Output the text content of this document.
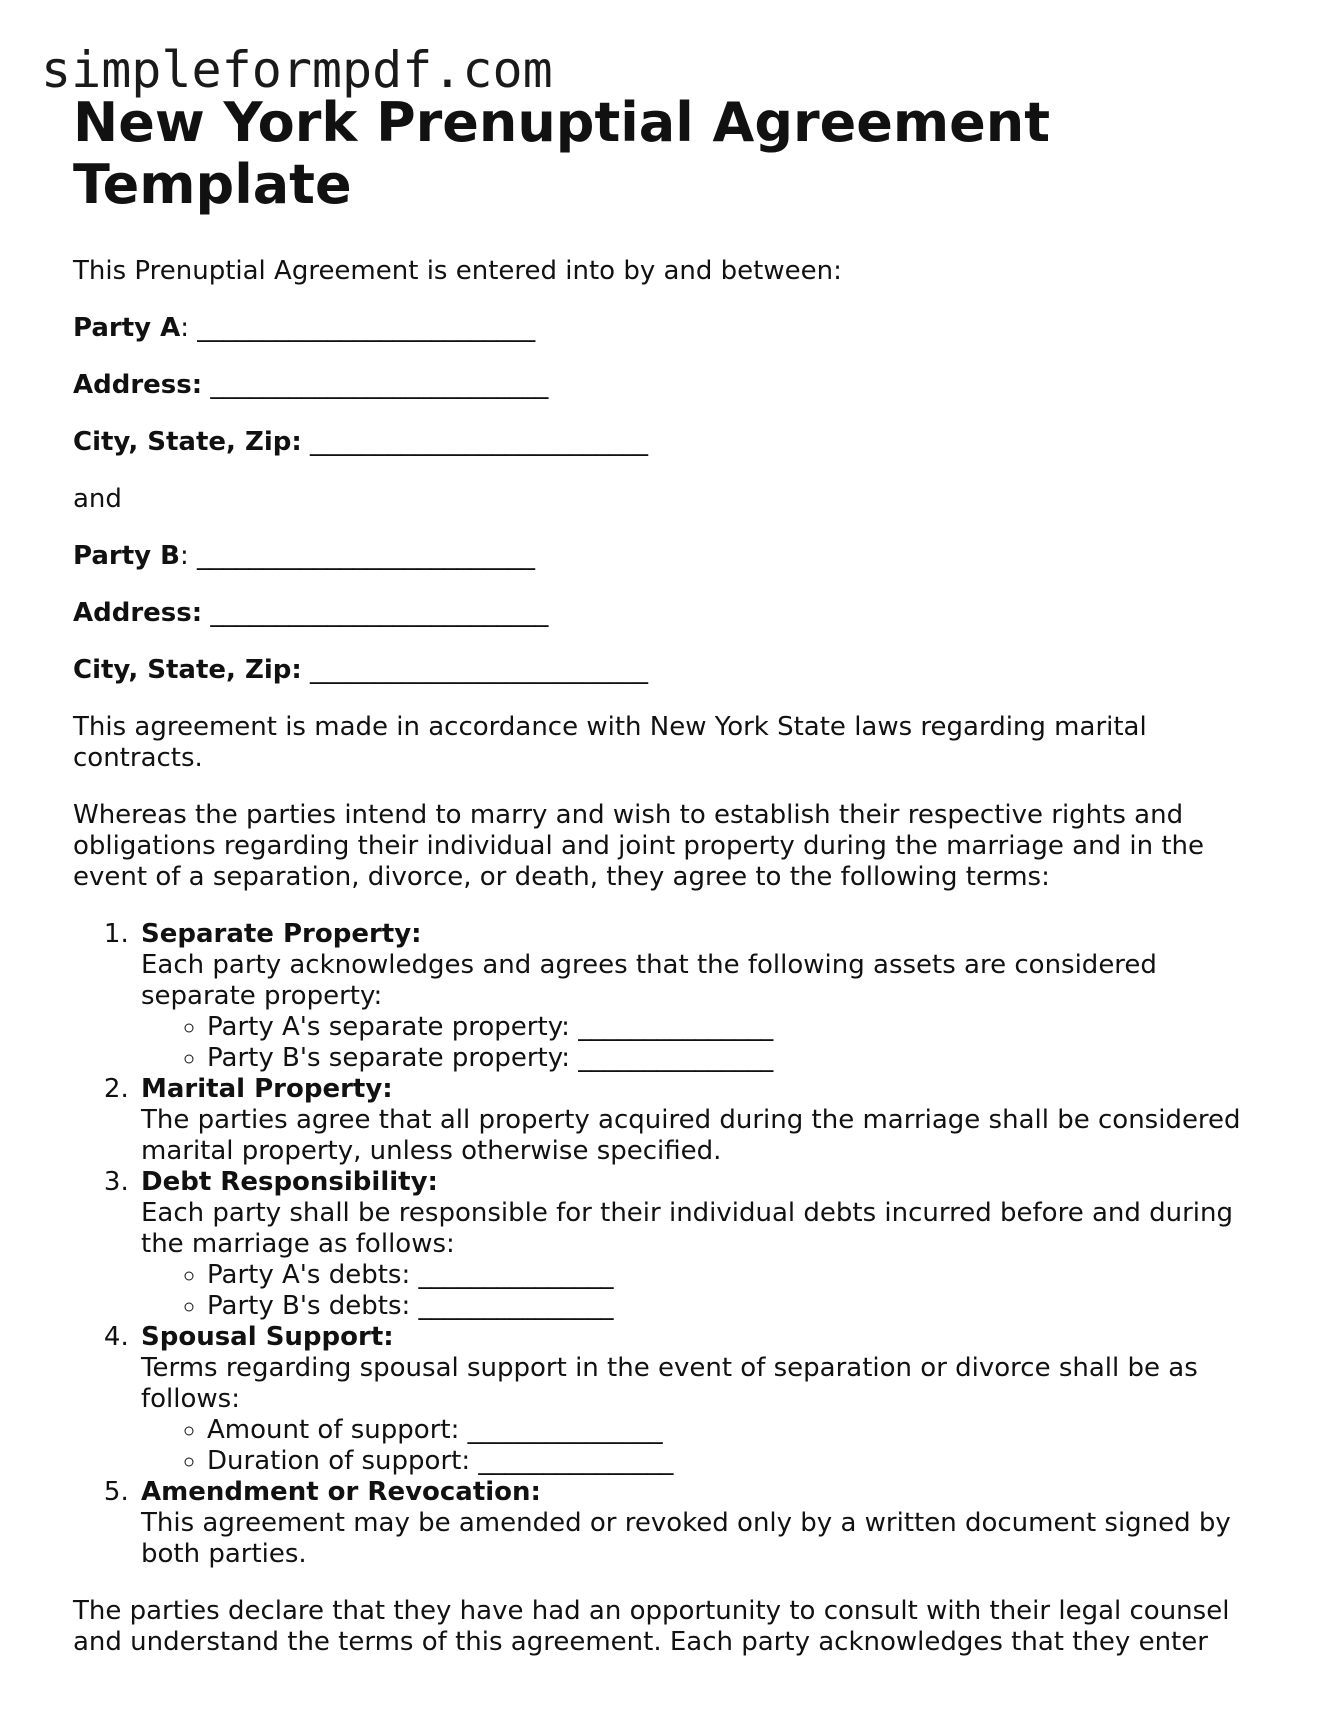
simpleformpdf.com
New York Prenuptial Agreement Template

This Prenuptial Agreement is entered into by and between:

Party A: __________________________

Address: __________________________

City, State, Zip: __________________________

and

Party B: __________________________

Address: __________________________

City, State, Zip: __________________________

This agreement is made in accordance with New York State laws regarding marital contracts.

Whereas the parties intend to marry and wish to establish their respective rights and obligations regarding their individual and joint property during the marriage and in the event of a separation, divorce, or death, they agree to the following terms:

1. Separate Property:
Each party acknowledges and agrees that the following assets are considered separate property:
◦ Party A's separate property: _______________
◦ Party B's separate property: _______________
2. Marital Property:
The parties agree that all property acquired during the marriage shall be considered marital property, unless otherwise specified.
3. Debt Responsibility:
Each party shall be responsible for their individual debts incurred before and during the marriage as follows:
◦ Party A's debts: _______________
◦ Party B's debts: _______________
4. Spousal Support:
Terms regarding spousal support in the event of separation or divorce shall be as follows:
◦ Amount of support: _______________
◦ Duration of support: _______________
5. Amendment or Revocation:
This agreement may be amended or revoked only by a written document signed by both parties.

The parties declare that they have had an opportunity to consult with their legal counsel and understand the terms of this agreement. Each party acknowledges that they enter
